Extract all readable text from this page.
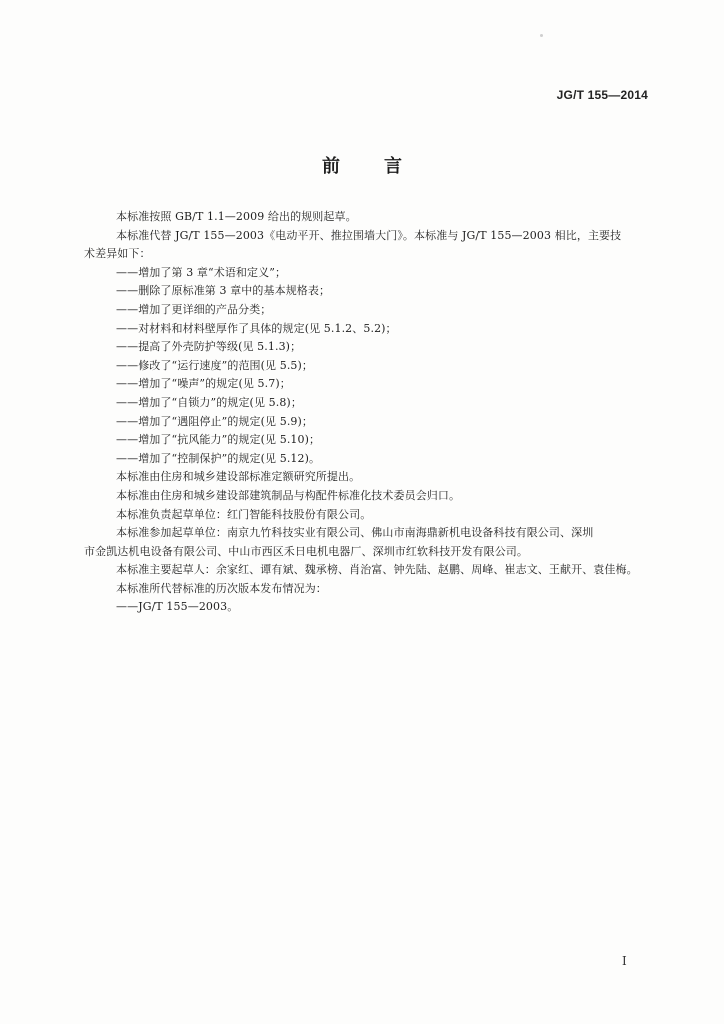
JG/T 155—2014
前 言

本标准按照 GB/T 1.1—2009 给出的规则起草。

本标准代替 JG/T 155—2003《电动平开、推拉围墙大门》。本标准与 JG/T 155—2003 相比，主要技

术差异如下：

——增加了第 3 章“术语和定义”；

——删除了原标准第 3 章中的基本规格表；

——增加了更详细的产品分类；

——对材料和材料壁厚作了具体的规定(见 5.1.2、5.2)；

——提高了外壳防护等级(见 5.1.3)；

——修改了“运行速度”的范围(见 5.5)；

——增加了“噪声”的规定(见 5.7)；

——增加了“自锁力”的规定(见 5.8)；

——增加了“遇阻停止”的规定(见 5.9)；

——增加了“抗风能力”的规定(见 5.10)；

——增加了“控制保护”的规定(见 5.12)。

本标准由住房和城乡建设部标准定额研究所提出。

本标准由住房和城乡建设部建筑制品与构配件标准化技术委员会归口。

本标准负责起草单位：红门智能科技股份有限公司。

本标准参加起草单位：南京九竹科技实业有限公司、佛山市南海鼎新机电设备科技有限公司、深圳

市金凯达机电设备有限公司、中山市西区禾日电机电器厂、深圳市红软科技开发有限公司。

本标准主要起草人：余家红、谭有斌、魏承榜、肖治富、钟先陆、赵鹏、周峰、崔志文、王献开、袁佳梅。

本标准所代替标准的历次版本发布情况为：

——JG/T 155—2003。

I
